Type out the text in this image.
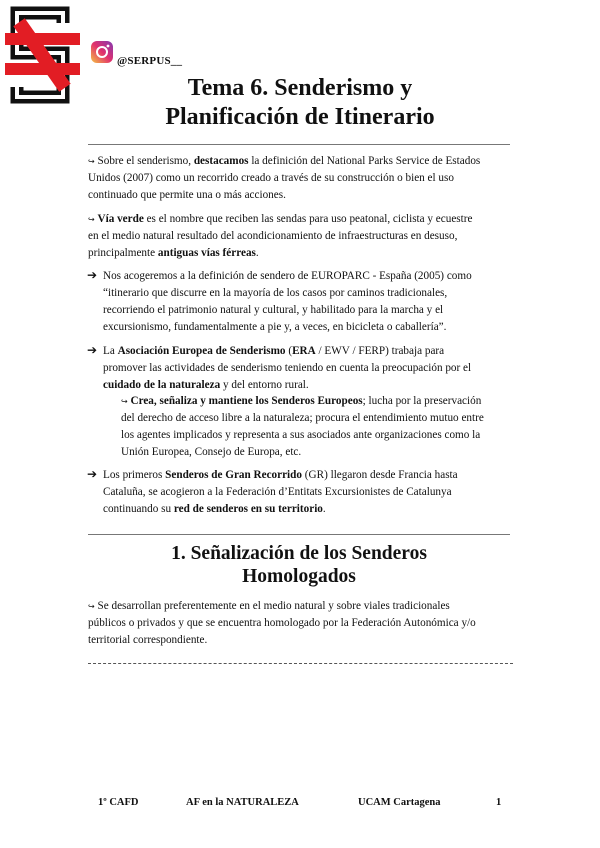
@SERPUS__
Tema 6. Senderismo y
Planificación de Itinerario
↪ Sobre el senderismo, destacamos la definición del National Parks Service de Estados
Unidos (2007) como un recorrido creado a través de su construcción o bien el uso
continuado que permite una o más acciones.
↪ Vía verde es el nombre que reciben las sendas para uso peatonal, ciclista y ecuestre
en el medio natural resultado del acondicionamiento de infraestructuras en desuso,
principalmente antiguas vías férreas.
➔ Nos acogeremos a la definición de sendero de EUROPARC - España (2005) como
“itinerario que discurre en la mayoría de los casos por caminos tradicionales,
recorriendo el patrimonio natural y cultural, y habilitado para la marcha y el
excursionismo, fundamentalmente a pie y, a veces, en bicicleta o caballería”.
➔ La Asociación Europea de Senderismo (ERA / EWV / FERP) trabaja para
promover las actividades de senderismo teniendo en cuenta la preocupación por el
cuidado de la naturaleza y del entorno rural.
↪ Crea, señaliza y mantiene los Senderos Europeos; lucha por la preservación
del derecho de acceso libre a la naturaleza; procura el entendimiento mutuo entre
los agentes implicados y representa a sus asociados ante organizaciones como la
Unión Europea, Consejo de Europa, etc.
➔ Los primeros Senderos de Gran Recorrido (GR) llegaron desde Francia hasta
Cataluña, se acogieron a la Federación d’Entitats Excursionistes de Catalunya
continuando su red de senderos en su territorio.
1. Señalización de los Senderos
Homologados
↪ Se desarrollan preferentemente en el medio natural y sobre viales tradicionales
públicos o privados y que se encuentra homologado por la Federación Autonómica y/o
territorial correspondiente.
1º CAFD	AF en la NATURALEZA	UCAM Cartagena	1
